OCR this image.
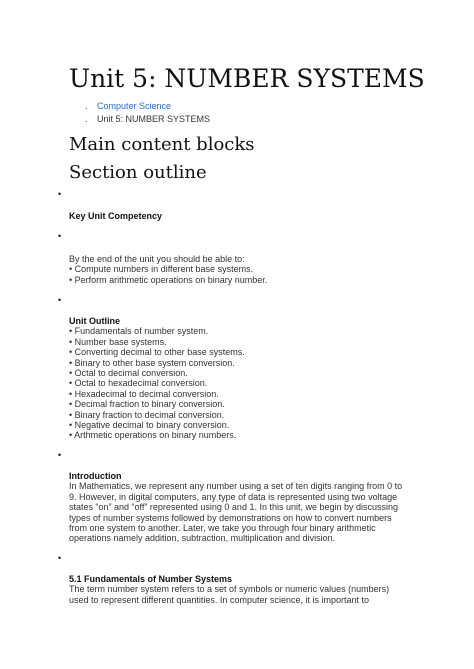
Unit 5: NUMBER SYSTEMS
. Computer Science
. Unit 5: NUMBER SYSTEMS
Main content blocks
Section outline
•
Key Unit Competency
•
By the end of the unit you should be able to:
• Compute numbers in different base systems.
• Perform arithmetic operations on binary number.
•
Unit Outline
• Fundamentals of number system.
• Number base systems.
• Converting decimal to other base systems.
• Binary to other base system conversion.
• Octal to decimal conversion.
• Octal to hexadecimal conversion.
• Hexadecimal to decimal conversion.
• Decimal fraction to binary conversion.
• Binary fraction to decimal conversion.
• Negative decimal to binary conversion.
• Arthmetic operations on binary numbers.
•
Introduction
In Mathematics, we represent any number using a set of ten digits ranging from 0 to
9. However, in digital computers, any type of data is represented using two voltage
states “on” and “off” represented using 0 and 1. In this unit, we begin by discussing
types of number systems followed by demonstrations on how to convert numbers
from one system to another. Later, we take you through four binary arithmetic
operations namely addition, subtraction, multiplication and division.
•
5.1 Fundamentals of Number Systems
The term number system refers to a set of symbols or numeric values (numbers)
used to represent different quantities. In computer science, it is important to
